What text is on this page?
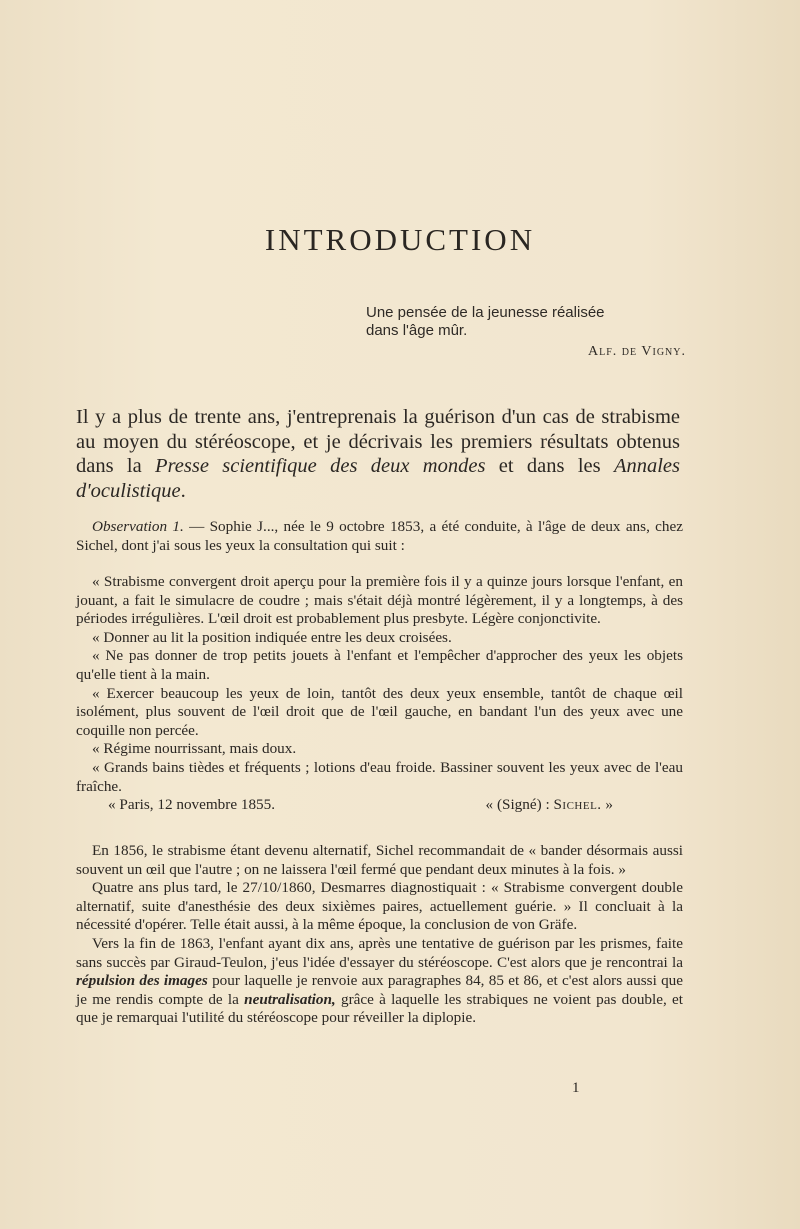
INTRODUCTION
Une pensée de la jeunesse réalisée
dans l'âge mûr.
Alf. de Vigny.

Il y a plus de trente ans, j'entreprenais la guérison d'un cas de strabisme au moyen du stéréoscope, et je décrivais les premiers résultats obtenus dans la Presse scientifique des deux mondes et dans les Annales d'oculistique.

Observation 1. — Sophie J..., née le 9 octobre 1853, a été conduite, à l'âge de deux ans, chez Sichel, dont j'ai sous les yeux la consultation qui suit :

« Strabisme convergent droit aperçu pour la première fois il y a quinze jours lorsque l'enfant, en jouant, a fait le simulacre de coudre ; mais s'était déjà montré légèrement, il y a longtemps, à des périodes irrégulières. L'œil droit est probablement plus presbyte. Légère conjonctivite.

« Donner au lit la position indiquée entre les deux croisées.

« Ne pas donner de trop petits jouets à l'enfant et l'empêcher d'approcher des yeux les objets qu'elle tient à la main.

« Exercer beaucoup les yeux de loin, tantôt des deux yeux ensemble, tantôt de chaque œil isolément, plus souvent de l'œil droit que de l'œil gauche, en bandant l'un des yeux avec une coquille non percée.

« Régime nourrissant, mais doux.

« Grands bains tièdes et fréquents ; lotions d'eau froide. Bassiner souvent les yeux avec de l'eau fraîche.

« Paris, 12 novembre 1855.	« (Signé) : Sichel. »

En 1856, le strabisme étant devenu alternatif, Sichel recommandait de « bander désormais aussi souvent un œil que l'autre ; on ne laissera l'œil fermé que pendant deux minutes à la fois. »

Quatre ans plus tard, le 27/10/1860, Desmarres diagnostiquait : « Strabisme convergent double alternatif, suite d'anesthésie des deux sixièmes paires, actuellement guérie. » Il concluait à la nécessité d'opérer. Telle était aussi, à la même époque, la conclusion de von Gräfe.

Vers la fin de 1863, l'enfant ayant dix ans, après une tentative de guérison par les prismes, faite sans succès par Giraud-Teulon, j'eus l'idée d'essayer du stéréoscope. C'est alors que je rencontrai la répulsion des images pour laquelle je renvoie aux paragraphes 84, 85 et 86, et c'est alors aussi que je me rendis compte de la neutralisation, grâce à laquelle les strabiques ne voient pas double, et que je remarquai l'utilité du stéréoscope pour réveiller la diplopie.

1
